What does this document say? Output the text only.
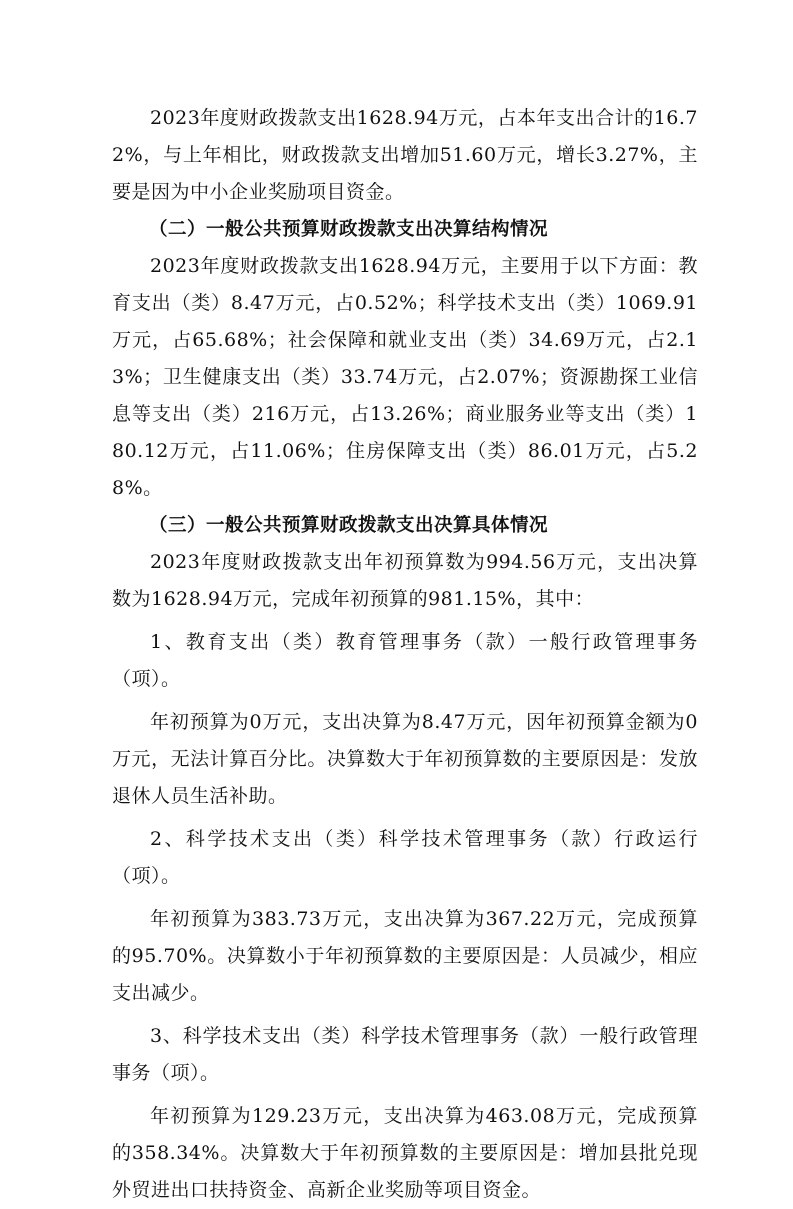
2023年度财政拨款支出1628.94万元，占本年支出合计的16.72%，与上年相比，财政拨款支出增加51.60万元，增长3.27%，主要是因为中小企业奖励项目资金。

（二）一般公共预算财政拨款支出决算结构情况

2023年度财政拨款支出1628.94万元，主要用于以下方面：教育支出（类）8.47万元，占0.52%；科学技术支出（类）1069.91万元，占65.68%；社会保障和就业支出（类）34.69万元，占2.13%；卫生健康支出（类）33.74万元，占2.07%；资源勘探工业信息等支出（类）216万元，占13.26%；商业服务业等支出（类）180.12万元，占11.06%；住房保障支出（类）86.01万元，占5.28%。

（三）一般公共预算财政拨款支出决算具体情况

2023年度财政拨款支出年初预算数为994.56万元，支出决算数为1628.94万元，完成年初预算的981.15%，其中：

1、教育支出（类）教育管理事务（款）一般行政管理事务（项）。

年初预算为0万元，支出决算为8.47万元，因年初预算金额为0万元，无法计算百分比。决算数大于年初预算数的主要原因是：发放退休人员生活补助。

2、科学技术支出（类）科学技术管理事务（款）行政运行（项）。

年初预算为383.73万元，支出决算为367.22万元，完成预算的95.70%。决算数小于年初预算数的主要原因是：人员减少，相应支出减少。

3、科学技术支出（类）科学技术管理事务（款）一般行政管理事务（项）。

年初预算为129.23万元，支出决算为463.08万元，完成预算的358.34%。决算数大于年初预算数的主要原因是：增加县批兑现外贸进出口扶持资金、高新企业奖励等项目资金。
